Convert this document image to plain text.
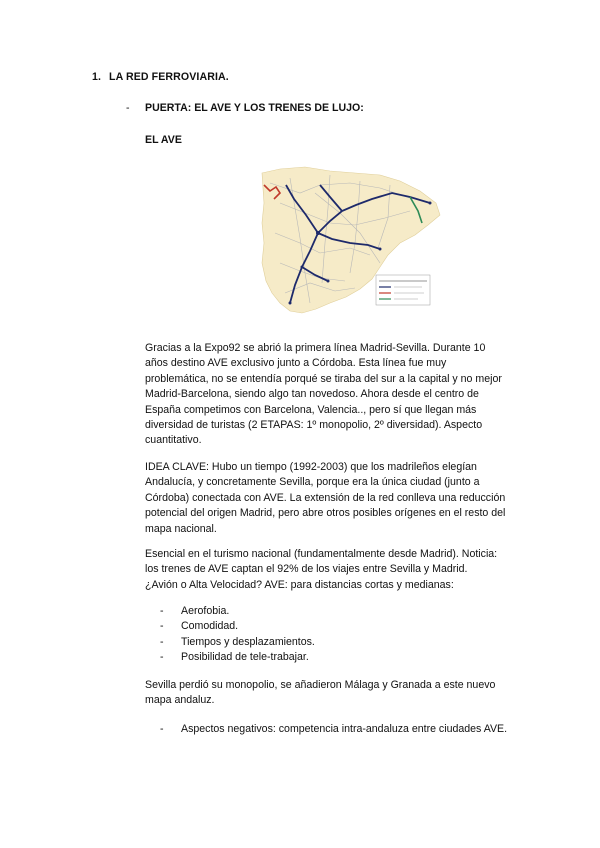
1. LA RED FERROVIARIA.
- PUERTA: EL AVE Y LOS TRENES DE LUJO:
EL AVE
Gracias a la Expo92 se abrió la primera línea Madrid-Sevilla. Durante 10
años destino AVE exclusivo junto a Córdoba. Esta línea fue muy
problemática, no se entendía porqué se tiraba del sur a la capital y no mejor
Madrid-Barcelona, siendo algo tan novedoso. Ahora desde el centro de
España competimos con Barcelona, Valencia.., pero sí que llegan más
diversidad de turistas (2 ETAPAS: 1º monopolio, 2º diversidad). Aspecto
cuantitativo.
IDEA CLAVE: Hubo un tiempo (1992-2003) que los madrileños elegían
Andalucía, y concretamente Sevilla, porque era la única ciudad (junto a
Córdoba) conectada con AVE. La extensión de la red conlleva una reducción
potencial del origen Madrid, pero abre otros posibles orígenes en el resto del
mapa nacional.
Esencial en el turismo nacional (fundamentalmente desde Madrid). Noticia:
los trenes de AVE captan el 92% de los viajes entre Sevilla y Madrid.
¿Avión o Alta Velocidad? AVE: para distancias cortas y medianas:
- Aerofobia.
- Comodidad.
- Tiempos y desplazamientos.
- Posibilidad de tele-trabajar.
Sevilla perdió su monopolio, se añadieron Málaga y Granada a este nuevo
mapa andaluz.
- Aspectos negativos: competencia intra-andaluza entre ciudades AVE.
